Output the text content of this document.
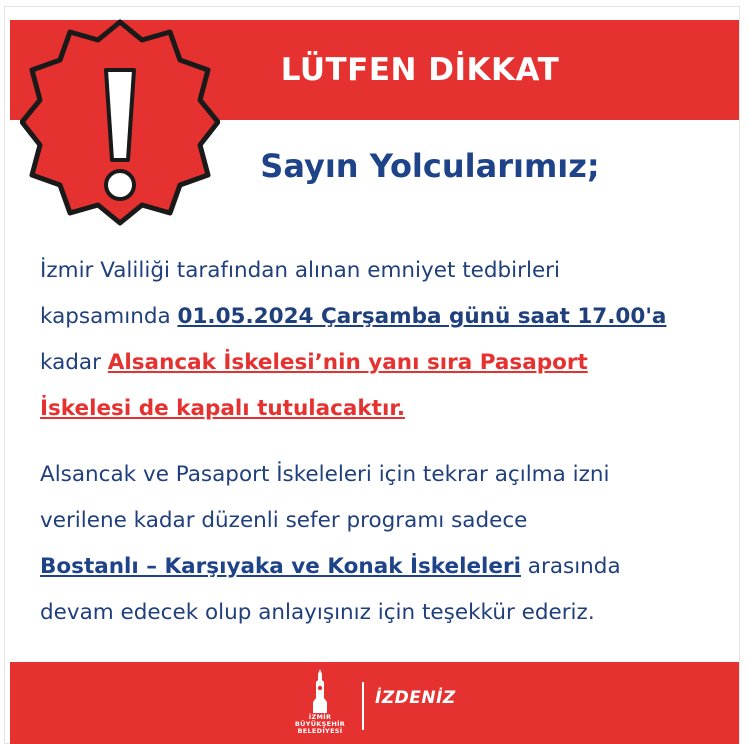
LÜTFEN DİKKAT
Sayın Yolcularımız;
İzmir Valiliği tarafından alınan emniyet tedbirleri
kapsamında 01.05.2024 Çarşamba günü saat 17.00'a
kadar Alsancak İskelesi’nin yanı sıra Pasaport
İskelesi de kapalı tutulacaktır.
Alsancak ve Pasaport İskeleleri için tekrar açılma izni
verilene kadar düzenli sefer programı sadece
Bostanlı – Karşıyaka ve Konak İskeleleri arasında
devam edecek olup anlayışınız için teşekkür ederiz.
İZMİR
BÜYÜKŞEHİR
BELEDİYESİ
İZDENİZ
